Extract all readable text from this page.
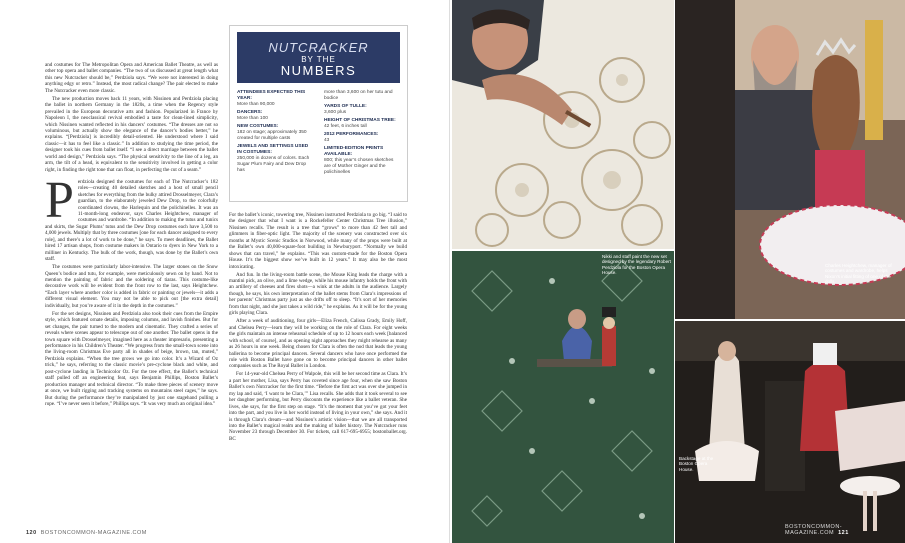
and costumes for The Metropolitan Opera and American Ballet Theatre, as well as other top opera and ballet companies. “The two of us discussed at great length what this new Nutcracker should be,” Perdziola says. “We were not interested in doing anything edgy or retro.” Instead, the most radical change? The pair elected to make The Nutcracker even more classic.

The new production moves back 11 years, with Nissinen and Perdziola placing the ballet in northern Germany in the 1820s, a time when the Regency style prevailed in the European decorative arts and fashion. Popularized in France by Napoleon I, the neoclassical revival embodied a taste for clean-lined simplicity, which Nissinen wanted reflected in his dancers’ costumes. “The dresses are not so voluminous, but actually show the elegance of the dancer’s bodies better,” he explains. “[Perdziola] is incredibly detail-oriented. He understood where I said classic—it has to feel like a classic.” In addition to studying the time period, the designer took his cues from ballet itself. “I see a direct marriage between the ballet world and design,” Perdziola says. “The physical sensitivity to the line of a leg, an arm, the tilt of a head, is equivalent to the sensitivity involved in getting a color right, in finding the right tone that can float, in perfecting the cut of a seam.”

Perdziola designed the costumes for each of The Nutcracker’s 182 roles—creating 40 detailed sketches and a host of small pencil sketches for everything from the bulky attired Drosselmeyer, Clara’s guardian, to the elaborately jeweled Dew Drop, to the colorfully coordinated clowns, the Harlequin and the polichinelles. It was an 11-month-long endeavor, says Charles Heightchew, manager of costumes and wardrobe. “In addition to making the tutus and tunics and skirts, the Sugar Plums’ tutus and the Dew Drop costumes each have 3,500 to 4,000 jewels. Multiply that by three costumes [one for each dancer assigned to every role], and there’s a lot of work to be done,” he says. To meet deadlines, the Ballet hired 17 artisan shops, from costume makers in Ontario to dyers in New York to a milliner in Kentucky. The bulk of the work, though, was done by the Ballet’s own staff.

The costumes were particularly labor-intensive. The larger stones on the Snow Queen’s bodice and tutu, for example, were meticulously sewn on by hand. Not to mention the painting of fabric and the soldering of tiaras. This costume-like decorative work will be evident from the front row to the last, says Heightchew. “Each layer where another color is added in fabric or painting or jewels—it adds a different visual element. You may not be able to pick out [the extra detail] individually, but you’re aware of it in the depth in the costumes.”

For the set designs, Nissinen and Perdziola also took their cues from the Empire style, which featured ornate details, imposing columns, and lavish finishes. But for set changes, the pair turned to the modern and cinematic. They crafted a series of reveals where scenes appear to telescope out of one another. The ballet opens in the town square with Drosselmeyer, imagined here as a theater impresario, presenting a performance in his Children’s Theater. “We progress from the small-town scene into the living-room Christmas Eve party all in shades of beige, brown, tan, muted,” Perdziola explains. “When the tree grows we go into color. It’s a Wizard of Oz trick,” he says, referring to the classic movie’s pre-cyclone black and white, and post-cyclone landing in Technicolor Oz. For the tree effect, the Ballet’s technical staff pulled off an engineering feat, says Benjamin Phillips, Boston Ballet’s production manager and technical director. “To make three pieces of scenery move at once, we built rigging and tracking systems on mountains steel cages,” he says. But during the performance they’re manipulated by just one stagehand pulling a rope. “I’ve never seen it before,” Phillips says. “It was very much an original idea.”

NUTCRACKER
BY THE
NUMBERS
ATTENDEES EXPECTED THIS YEAR:
More than 90,000
DANCERS:
More than 100
NEW COSTUMES:
182 on stage; approximately 350 created for multiple casts
JEWELS AND SETTINGS USED IN COSTUMES:
250,000 in dozens of colors. Each Sugar Plum Fairy and Dew Drop has
more than 3,600 on her tutu and bodice
YARDS OF TULLE:
3,600 plus
HEIGHT OF CHRISTMAS TREE:
42 feet, 6 inches tall
2012 PERFORMANCES:
43
LIMITED-EDITION PRINTS AVAILABLE:
800; this year’s chosen sketches are of Mother Ginger and the polichinelles

For the ballet’s iconic, towering tree, Nissinen instructed Perdziola to go big. “I said to the designer that what I want is a Rockefeller Center Christmas Tree illusion,” Nissinen recalls. The result is a tree that “grows” to more than 42 feet tall and glimmers in fiber-optic light. The majority of the scenery was constructed over six months at Mystic Scenic Studios in Norwood, while many of the props were built at the Ballet’s own 40,000-square-foot building in Newburyport. “Normally we build shows that can travel,” he explains. “This was custom-made for the Boston Opera House. It’s the biggest show we’ve built in 12 years.” It may also be the most intoxicating.

And fun. In the living-room battle scene, the Mouse King leads the charge with a mantini pick, an olive, and a lime wedge, while his mouse infantry holds the front with an artillery of cheeses and fires shots—a wink at the adults in the audience. Largely though, he says, his own interpretation of the ballet stems from Clara’s impressions of her parents’ Christmas party just as she drifts off to sleep. “It’s sort of her memories from that night, and she just takes a wild ride,” he explains. As it will be for the young girls playing Clara.

After a week of auditioning, four girls—Eliza French, Calissa Grady, Emily Hoff, and Chelsea Perry—learn they will be working on the role of Clara. For eight weeks the girls maintain an intense rehearsal schedule of up to 12 hours each week [balanced with school, of course], and as opening night approaches they might rehearse as many as 26 hours in one week. Being chosen for Clara is often the nod that leads the young ballerina to become principal dancers. Several dancers who have once performed the role with Boston Ballet have gone on to become principal dancers in other ballet companies such as The Royal Ballet in London.

For 14-year-old Chelsea Perry of Walpole, this will be her second time as Clara. It’s a part her mother, Lisa, says Perry has coveted since age four, when she saw Boston Ballet’s own Nutcracker for the first time. “Before the first act was over she jumped in my lap and said, ‘I want to be Clara,’” Lisa recalls. She adds that it took several to see her daughter performing, but Perry discounts the experience like a ballet veteran. She lives, she says, for the first step on stage. “It’s the moment that you’ve got your feet into the part, and you live in her world instead of living in your own,” she says. And it is through Clara’s dream—and Nissinen’s artistic vision—that we are all transported into the Ballet’s magical realm and the making of ballet history. The Nutcracker runs November 23 through December 30. For tickets, call 617-695-6955; bostonballet.org. BC

120 BOSTONCOMMON-MAGAZINE.COM
Charles Heightchew, manager of costumes and wardrobe, helps Nixon's initial fitting of one of the dolls.
Nikki and staff paint the new set designed by the legendary Robert Perdziola for the Boston Opera House.
Backstage at the Boston Opera House.
BOSTONCOMMON-MAGAZINE.COM 121
